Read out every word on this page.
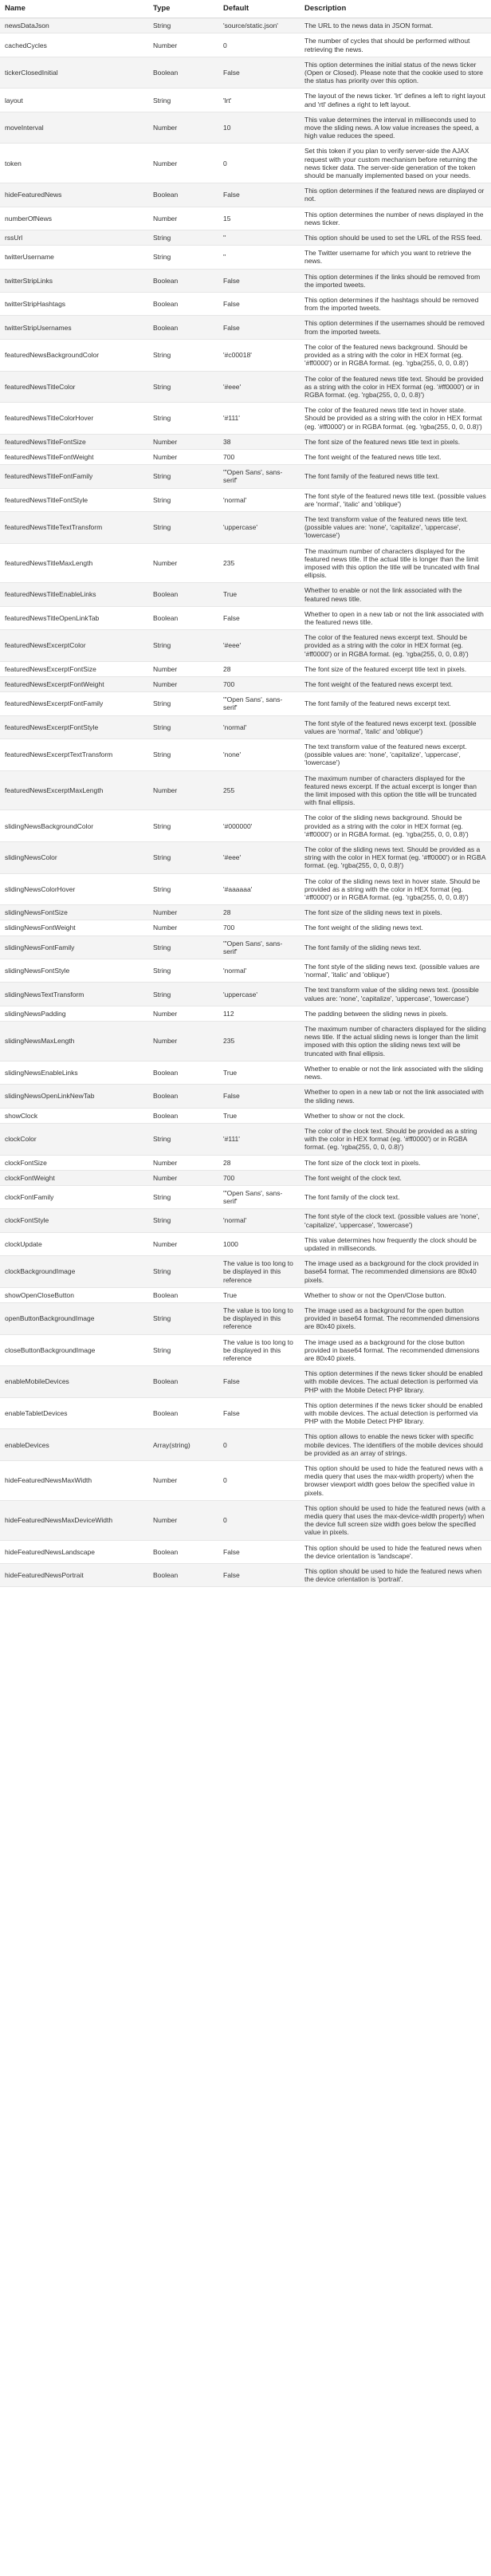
Name	Type	Default	Description
newsDataJson	String	'source/static.json'	The URL to the news data in JSON format.
cachedCycles	Number	0	The number of cycles that should be performed without retrieving the news.
tickerClosedInitial	Boolean	False	This option determines the initial status of the news ticker (Open or Closed). Please note that the cookie used to store the status has priority over this option.
layout	String	'lrt'	The layout of the news ticker. 'lrt' defines a left to right layout and 'rtl' defines a right to left layout.
moveInterval	Number	10	This value determines the interval in milliseconds used to move the sliding news. A low value increases the speed, a high value reduces the speed.
token	Number	0	Set this token if you plan to verify server-side the AJAX request with your custom mechanism before returning the news ticker data. The server-side generation of the token should be manually implemented based on your needs.
hideFeaturedNews	Boolean	False	This option determines if the featured news are displayed or not.
numberOfNews	Number	15	This option determines the number of news displayed in the news ticker.
rssUrl	String	''	This option should be used to set the URL of the RSS feed.
twitterUsername	String	''	The Twitter username for which you want to retrieve the news.
twitterStripLinks	Boolean	False	This option determines if the links should be removed from the imported tweets.
twitterStripHashtags	Boolean	False	This option determines if the hashtags should be removed from the imported tweets.
twitterStripUsernames	Boolean	False	This option determines if the usernames should be removed from the imported tweets.
featuredNewsBackgroundColor	String	'#c00018'	The color of the featured news background. Should be provided as a string with the color in HEX format (eg. '#ff0000') or in RGBA format. (eg. 'rgba(255, 0, 0, 0.8)')
featuredNewsTitleColor	String	'#eee'	The color of the featured news title text. Should be provided as a string with the color in HEX format (eg. '#ff0000') or in RGBA format. (eg. 'rgba(255, 0, 0, 0.8)')
featuredNewsTitleColorHover	String	'#111'	The color of the featured news title text in hover state. Should be provided as a string with the color in HEX format (eg. '#ff0000') or in RGBA format. (eg. 'rgba(255, 0, 0, 0.8)')
featuredNewsTitleFontSize	Number	38	The font size of the featured news title text in pixels.
featuredNewsTitleFontWeight	Number	700	The font weight of the featured news title text.
featuredNewsTitleFontFamily	String	'"Open Sans', sans-serif'	The font family of the featured news title text.
featuredNewsTitleFontStyle	String	'normal'	The font style of the featured news title text. (possible values are 'normal', 'italic' and 'oblique')
featuredNewsTitleTextTransform	String	'uppercase'	The text transform value of the featured news title text. (possible values are: 'none', 'capitalize', 'uppercase', 'lowercase')
featuredNewsTitleMaxLength	Number	235	The maximum number of characters displayed for the featured news title. If the actual title is longer than the limit imposed with this option the title will be truncated with final ellipsis.
featuredNewsTitleEnableLinks	Boolean	True	Whether to enable or not the link associated with the featured news title.
featuredNewsTitleOpenLinkTab	Boolean	False	Whether to open in a new tab or not the link associated with the featured news title.
featuredNewsExcerptColor	String	'#eee'	The color of the featured news excerpt text. Should be provided as a string with the color in HEX format (eg. '#ff0000') or in RGBA format. (eg. 'rgba(255, 0, 0, 0.8)')
featuredNewsExcerptFontSize	Number	28	The font size of the featured excerpt title text in pixels.
featuredNewsExcerptFontWeight	Number	700	The font weight of the featured news excerpt text.
featuredNewsExcerptFontFamily	String	'"Open Sans', sans-serif'	The font family of the featured news excerpt text.
featuredNewsExcerptFontStyle	String	'normal'	The font style of the featured news excerpt text. (possible values are 'normal', 'italic' and 'oblique')
featuredNewsExcerptTextTransform	String	'none'	The text transform value of the featured news excerpt. (possible values are: 'none', 'capitalize', 'uppercase', 'lowercase')
featuredNewsExcerptMaxLength	Number	255	The maximum number of characters displayed for the featured news excerpt. If the actual excerpt is longer than the limit imposed with this option the title will be truncated with final ellipsis.
slidingNewsBackgroundColor	String	'#000000'	The color of the sliding news background. Should be provided as a string with the color in HEX format (eg. '#ff0000') or in RGBA format. (eg. 'rgba(255, 0, 0, 0.8)')
slidingNewsColor	String	'#eee'	The color of the sliding news text. Should be provided as a string with the color in HEX format (eg. '#ff0000') or in RGBA format. (eg. 'rgba(255, 0, 0, 0.8)')
slidingNewsColorHover	String	'#aaaaaa'	The color of the sliding news text in hover state. Should be provided as a string with the color in HEX format (eg. '#ff0000') or in RGBA format. (eg. 'rgba(255, 0, 0, 0.8)')
slidingNewsFontSize	Number	28	The font size of the sliding news text in pixels.
slidingNewsFontWeight	Number	700	The font weight of the sliding news text.
slidingNewsFontFamily	String	'"Open Sans', sans-serif'	The font family of the sliding news text.
slidingNewsFontStyle	String	'normal'	The font style of the sliding news text. (possible values are 'normal', 'italic' and 'oblique')
slidingNewsTextTransform	String	'uppercase'	The text transform value of the sliding news text. (possible values are: 'none', 'capitalize', 'uppercase', 'lowercase')
slidingNewsPadding	Number	112	The padding between the sliding news in pixels.
slidingNewsMaxLength	Number	235	The maximum number of characters displayed for the sliding news title. If the actual sliding news is longer than the limit imposed with this option the sliding news text will be truncated with final ellipsis.
slidingNewsEnableLinks	Boolean	True	Whether to enable or not the link associated with the sliding news.
slidingNewsOpenLinkNewTab	Boolean	False	Whether to open in a new tab or not the link associated with the sliding news.
showClock	Boolean	True	Whether to show or not the clock.
clockColor	String	'#111'	The color of the clock text. Should be provided as a string with the color in HEX format (eg. '#ff0000') or in RGBA format. (eg. 'rgba(255, 0, 0, 0.8)')
clockFontSize	Number	28	The font size of the clock text in pixels.
clockFontWeight	Number	700	The font weight of the clock text.
clockFontFamily	String	'"Open Sans', sans-serif'	The font family of the clock text.
clockFontStyle	String	'normal'	The font style of the clock text. (possible values are 'none', 'capitalize', 'uppercase', 'lowercase')
clockUpdate	Number	1000	This value determines how frequently the clock should be updated in milliseconds.
clockBackgroundImage	String	The value is too long to be displayed in this reference	The image used as a background for the clock provided in base64 format. The recommended dimensions are 80x40 pixels.
showOpenCloseButton	Boolean	True	Whether to show or not the Open/Close button.
openButtonBackgroundImage	String	The value is too long to be displayed in this reference	The image used as a background for the open button provided in base64 format. The recommended dimensions are 80x40 pixels.
closeButtonBackgroundImage	String	The value is too long to be displayed in this reference	The image used as a background for the close button provided in base64 format. The recommended dimensions are 80x40 pixels.
enableMobileDevices	Boolean	False	This option determines if the news ticker should be enabled with mobile devices. The actual detection is performed via PHP with the Mobile Detect PHP library.
enableTabletDevices	Boolean	False	This option determines if the news ticker should be enabled with mobile devices. The actual detection is performed via PHP with the Mobile Detect PHP library.
enableDevices	Array(string)	0	This option allows to enable the news ticker with specific mobile devices. The identifiers of the mobile devices should be provided as an array of strings.
hideFeaturedNewsMaxWidth	Number	0	This option should be used to hide the featured news with a media query that uses the max-width property) when the browser viewport width goes below the specified value in pixels.
hideFeaturedNewsMaxDeviceWidth	Number	0	This option should be used to hide the featured news (with a media query that uses the max-device-width property) when the device full screen size width goes below the specified value in pixels.
hideFeaturedNewsLandscape	Boolean	False	This option should be used to hide the featured news when the device orientation is 'landscape'.
hideFeaturedNewsPortrait	Boolean	False	This option should be used to hide the featured news when the device orientation is 'portrait'.
